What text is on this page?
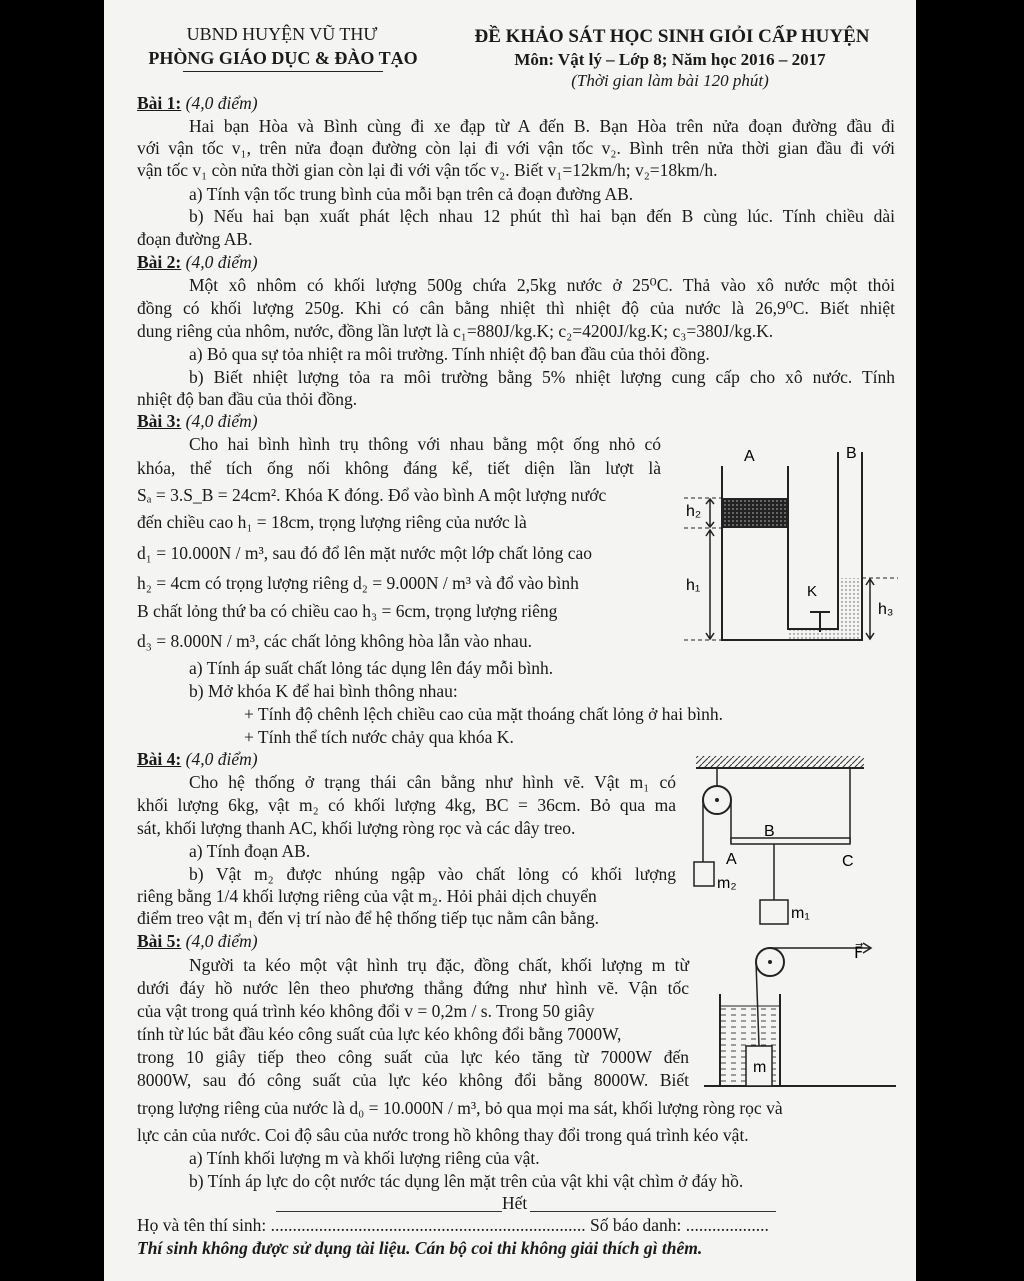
UBND HUYỆN VŨ THƯ
PHÒNG GIÁO DỤC & ĐÀO TẠO
ĐỀ KHẢO SÁT HỌC SINH GIỎI CẤP HUYỆN
Môn: Vật lý – Lớp 8; Năm học 2016 – 2017
(Thời gian làm bài 120 phút)
Bài 1: (4,0 điểm)
Hai bạn Hòa và Bình cùng đi xe đạp từ A đến B. Bạn Hòa trên nửa đoạn đường đầu đi
với vận tốc v₁, trên nửa đoạn đường còn lại đi với vận tốc v₂. Bình trên nửa thời gian đầu đi với
vận tốc v₁ còn nửa thời gian còn lại đi với vận tốc v₂. Biết v₁=12km/h; v₂=18km/h.
a) Tính vận tốc trung bình của mỗi bạn trên cả đoạn đường AB.
b) Nếu hai bạn xuất phát lệch nhau 12 phút thì hai bạn đến B cùng lúc. Tính chiều dài
đoạn đường AB.
Bài 2: (4,0 điểm)
Một xô nhôm có khối lượng 500g chứa 2,5kg nước ở 25⁰C. Thả vào xô nước một thỏi
đồng có khối lượng 250g. Khi có cân bằng nhiệt thì nhiệt độ của nước là 26,9⁰C. Biết nhiệt
dung riêng của nhôm, nước, đồng lần lượt là c₁=880J/kg.K; c₂=4200J/kg.K; c₃=380J/kg.K.
a) Bỏ qua sự tỏa nhiệt ra môi trường. Tính nhiệt độ ban đầu của thỏi đồng.
b) Biết nhiệt lượng tỏa ra môi trường bằng 5% nhiệt lượng cung cấp cho xô nước. Tính
nhiệt độ ban đầu của thỏi đồng.
Bài 3: (4,0 điểm)
Cho hai bình hình trụ thông với nhau bằng một ống nhỏ có
khóa, thể tích ống nối không đáng kể, tiết diện lần lượt là
Sₐ = 3.S_B = 24cm². Khóa K đóng. Đổ vào bình A một lượng nước
đến chiều cao h₁ = 18cm, trọng lượng riêng của nước là
d₁ = 10.000N / m³, sau đó đổ lên mặt nước một lớp chất lỏng cao
h₂ = 4cm có trọng lượng riêng d₂ = 9.000N / m³ và đổ vào bình
B chất lỏng thứ ba có chiều cao h₃ = 6cm, trọng lượng riêng
d₃ = 8.000N / m³, các chất lỏng không hòa lẫn vào nhau.
a) Tính áp suất chất lỏng tác dụng lên đáy mỗi bình.
b) Mở khóa K để hai bình thông nhau:
+ Tính độ chênh lệch chiều cao của mặt thoáng chất lỏng ở hai bình.
+ Tính thể tích nước chảy qua khóa K.
A	B
K
h₂
h₁
h₃
Bài 4: (4,0 điểm)
Cho hệ thống ở trạng thái cân bằng như hình vẽ. Vật m₁ có
khối lượng 6kg, vật m₂ có khối lượng 4kg, BC = 36cm. Bỏ qua ma
sát, khối lượng thanh AC, khối lượng ròng rọc và các dây treo.
a) Tính đoạn AB.
b) Vật m₂ được nhúng ngập vào chất lỏng có khối lượng
riêng bằng 1/4 khối lượng riêng của vật m₂. Hỏi phải dịch chuyển
điểm treo vật m₁ đến vị trí nào để hệ thống tiếp tục nằm cân bằng.
B
A	C
m₂
m₁
Bài 5: (4,0 điểm)
Người ta kéo một vật hình trụ đặc, đồng chất, khối lượng m từ
dưới đáy hồ nước lên theo phương thẳng đứng như hình vẽ. Vận tốc
của vật trong quá trình kéo không đổi v = 0,2m / s. Trong 50 giây
tính từ lúc bắt đầu kéo công suất của lực kéo không đổi bằng 7000W,
trong 10 giây tiếp theo công suất của lực kéo tăng từ 7000W đến
8000W, sau đó công suất của lực kéo không đổi bằng 8000W. Biết
trọng lượng riêng của nước là d₀ = 10.000N / m³, bỏ qua mọi ma sát, khối lượng ròng rọc và
lực cản của nước. Coi độ sâu của nước trong hồ không thay đổi trong quá trình kéo vật.
a) Tính khối lượng m và khối lượng riêng của vật.
b) Tính áp lực do cột nước tác dụng lên mặt trên của vật khi vật chìm ở đáy hồ.
m
F⃗
Hết
Họ và tên thí sinh: ........................................................................ Số báo danh: ...................
Thí sinh không được sử dụng tài liệu. Cán bộ coi thi không giải thích gì thêm.
